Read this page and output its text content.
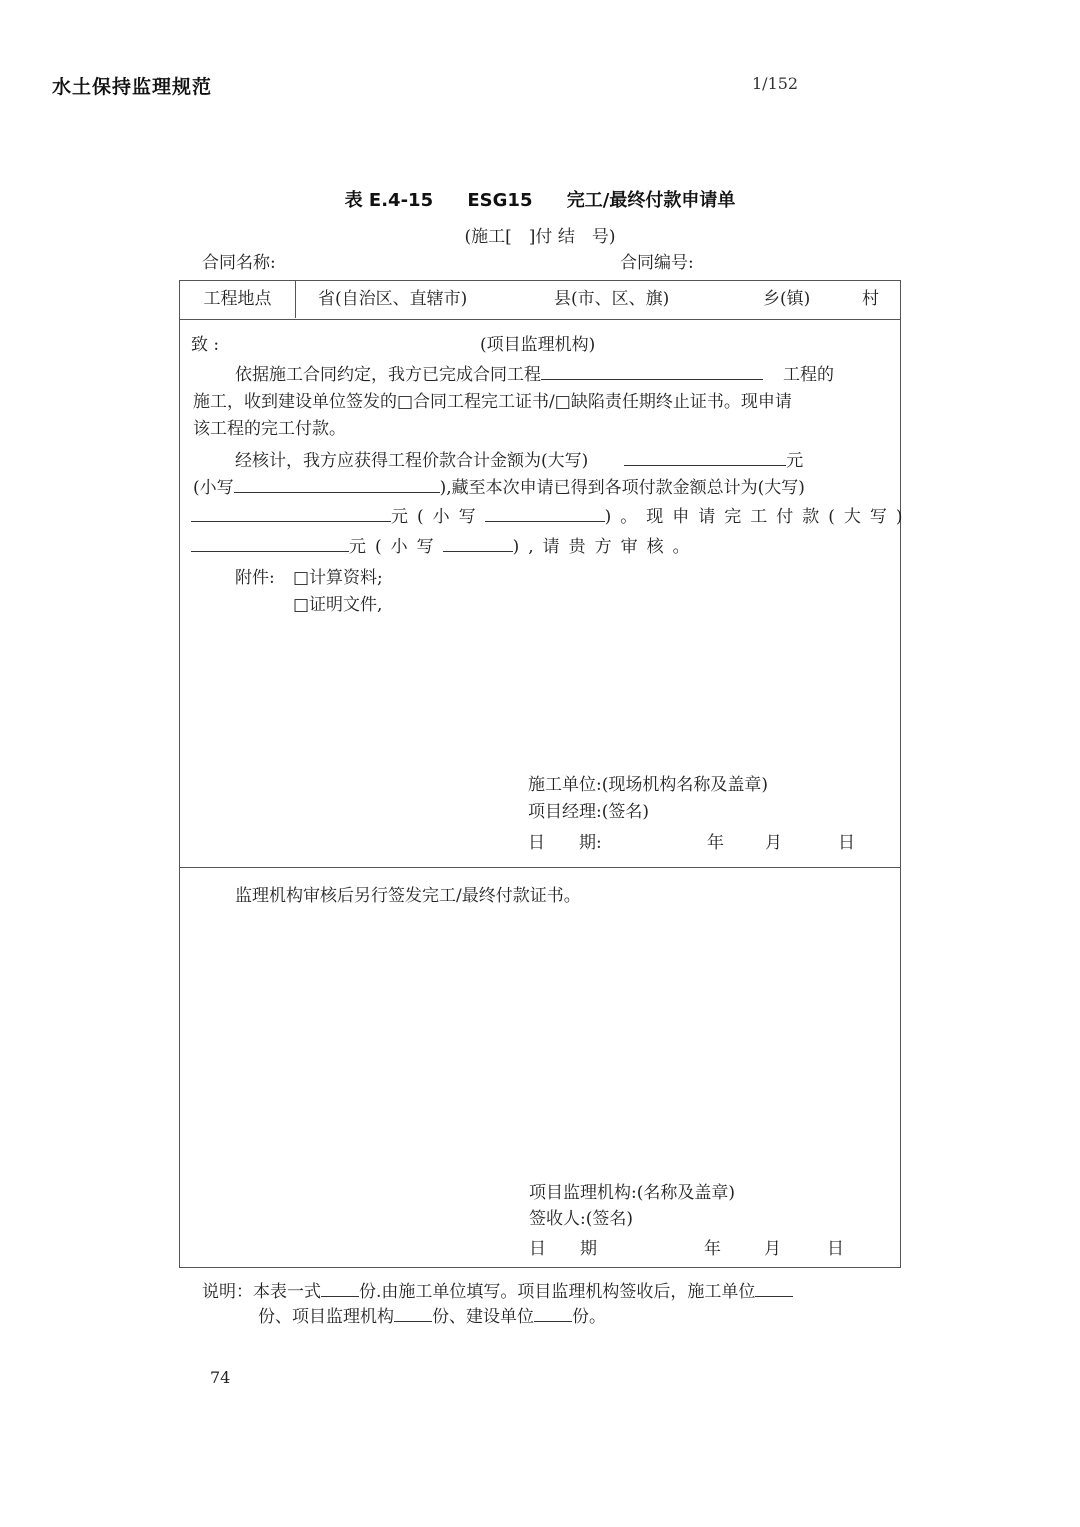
水土保持监理规范	1/152
表 E.4-15 ESG15 完工/最终付款申请单
(施工[　]付 结　号)
合同名称:	合同编号:
工程地点	省(自治区、直辖市)	县(市、区、旗)	乡(镇)	村
致 :	(项目监理机构)
依据施工合同约定，我方已完成合同工程	工程的
施工，收到建设单位签发的□合同工程完工证书/□缺陷责任期终止证书。现申请
该工程的完工付款。
经核计，我方应获得工程价款合计金额为(大写)	元
(小写	),藏至本次申请已得到各项付款金额总计为(大写)
元(小写	)。现申请完工付款(大写)
元(小写	),请贵方审核。
附件: □计算资料;
□证明文件,
施工单位:(现场机构名称及盖章)
项目经理:(签名)
日　　期:	年 月	日
监理机构审核后另行签发完工/最终付款证书。
项目监理机构:(名称及盖章)
签收人:(签名)
日　　期	年	月	日
说明：本表一式 份.由施工单位填写。项目监理机构签收后，施工单位
份、项目监理机构 份、建设单位 份。
74
